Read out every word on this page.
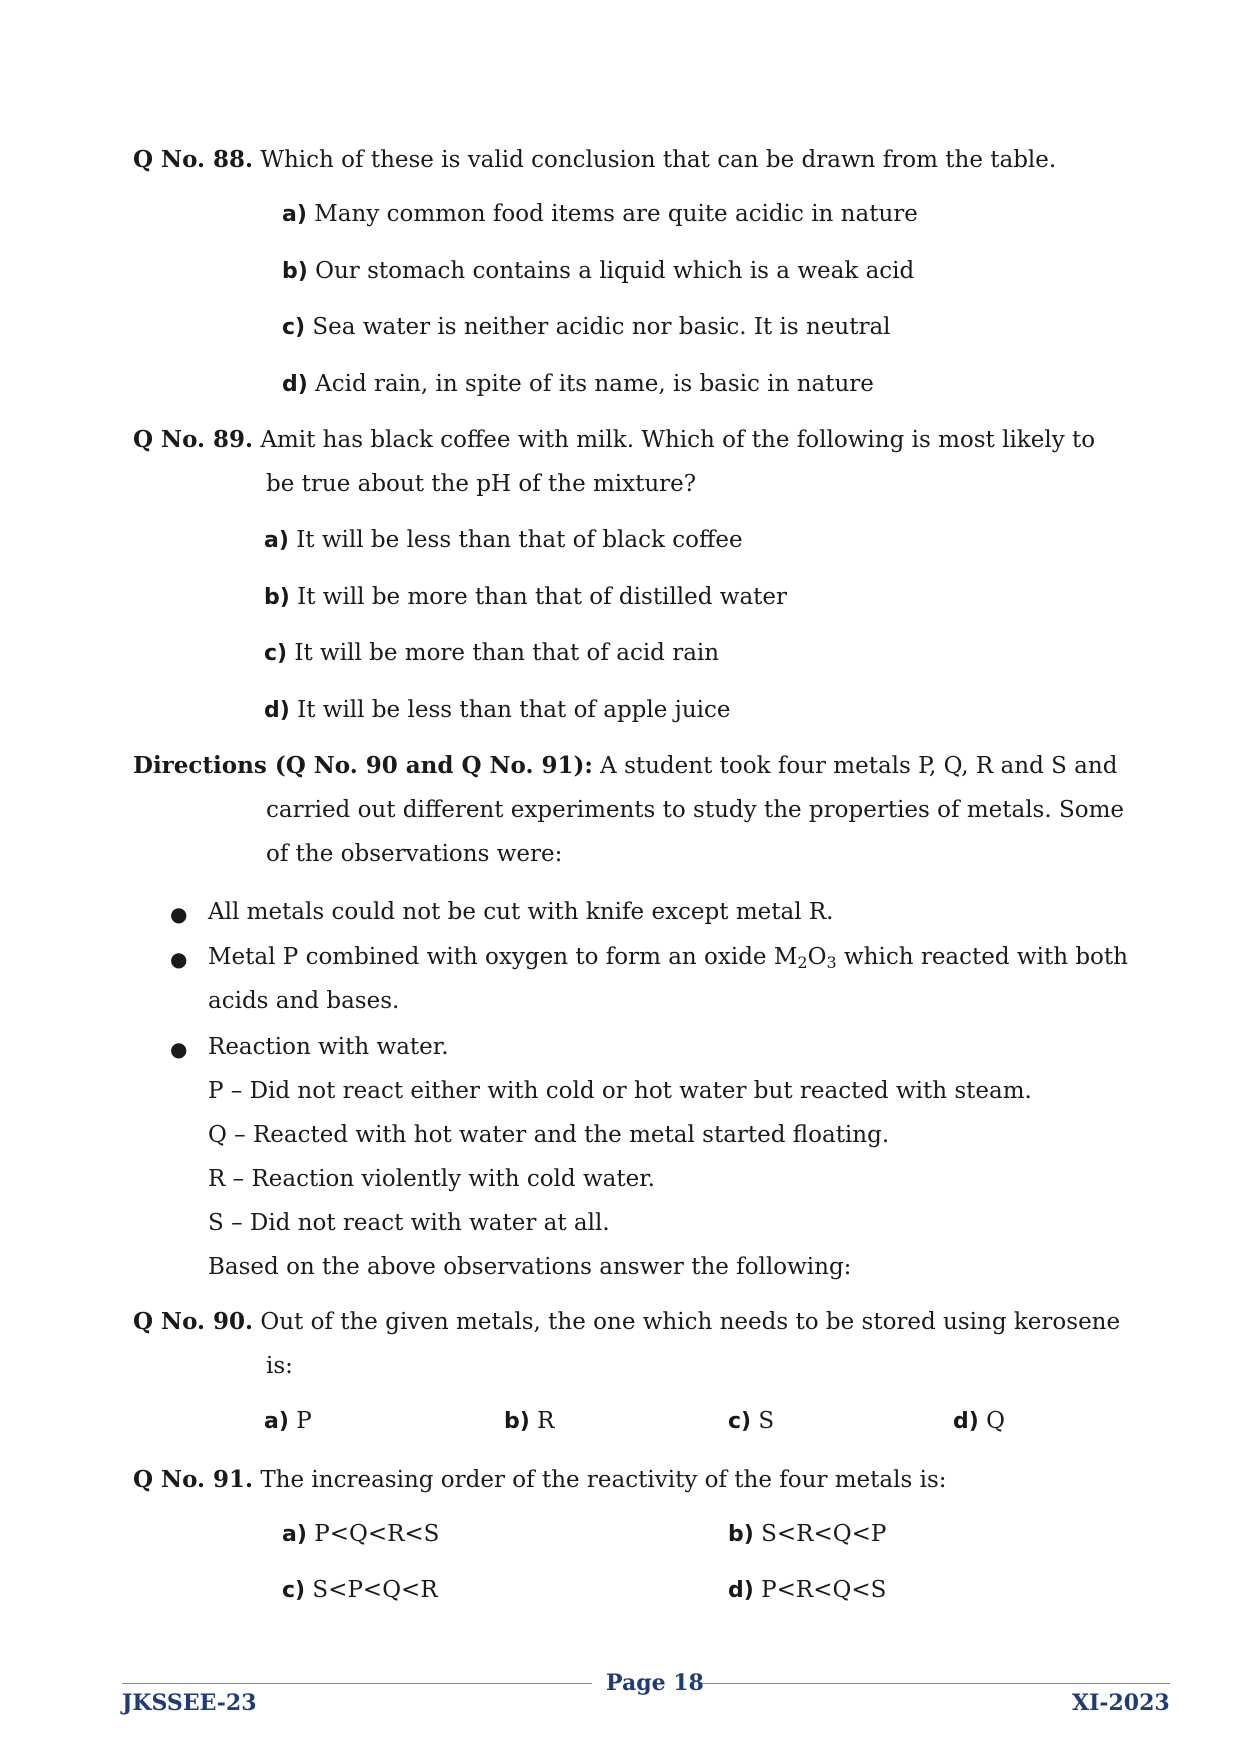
Q No. 88. Which of these is valid conclusion that can be drawn from the table.
a) Many common food items are quite acidic in nature
b) Our stomach contains a liquid which is a weak acid
c) Sea water is neither acidic nor basic. It is neutral
d) Acid rain, in spite of its name, is basic in nature
Q No. 89. Amit has black coffee with milk. Which of the following is most likely to
be true about the pH of the mixture?
a) It will be less than that of black coffee
b) It will be more than that of distilled water
c) It will be more than that of acid rain
d) It will be less than that of apple juice
Directions (Q No. 90 and Q No. 91): A student took four metals P, Q, R and S and
carried out different experiments to study the properties of metals. Some
of the observations were:
● All metals could not be cut with knife except metal R.
● Metal P combined with oxygen to form an oxide $M_2O_3$ which reacted with both
acids and bases.
● Reaction with water.
P – Did not react either with cold or hot water but reacted with steam.
Q – Reacted with hot water and the metal started floating.
R – Reaction violently with cold water.
S – Did not react with water at all.
Based on the above observations answer the following:
Q No. 90. Out of the given metals, the one which needs to be stored using kerosene
is:
a) P	b) R	c) S	d) Q
Q No. 91. The increasing order of the reactivity of the four metals is:
a) P<Q<R<S	b) S<R<Q<P
c) S<P<Q<R	d) P<R<Q<S
JKSSEE-23
Page 18
XI-2023
